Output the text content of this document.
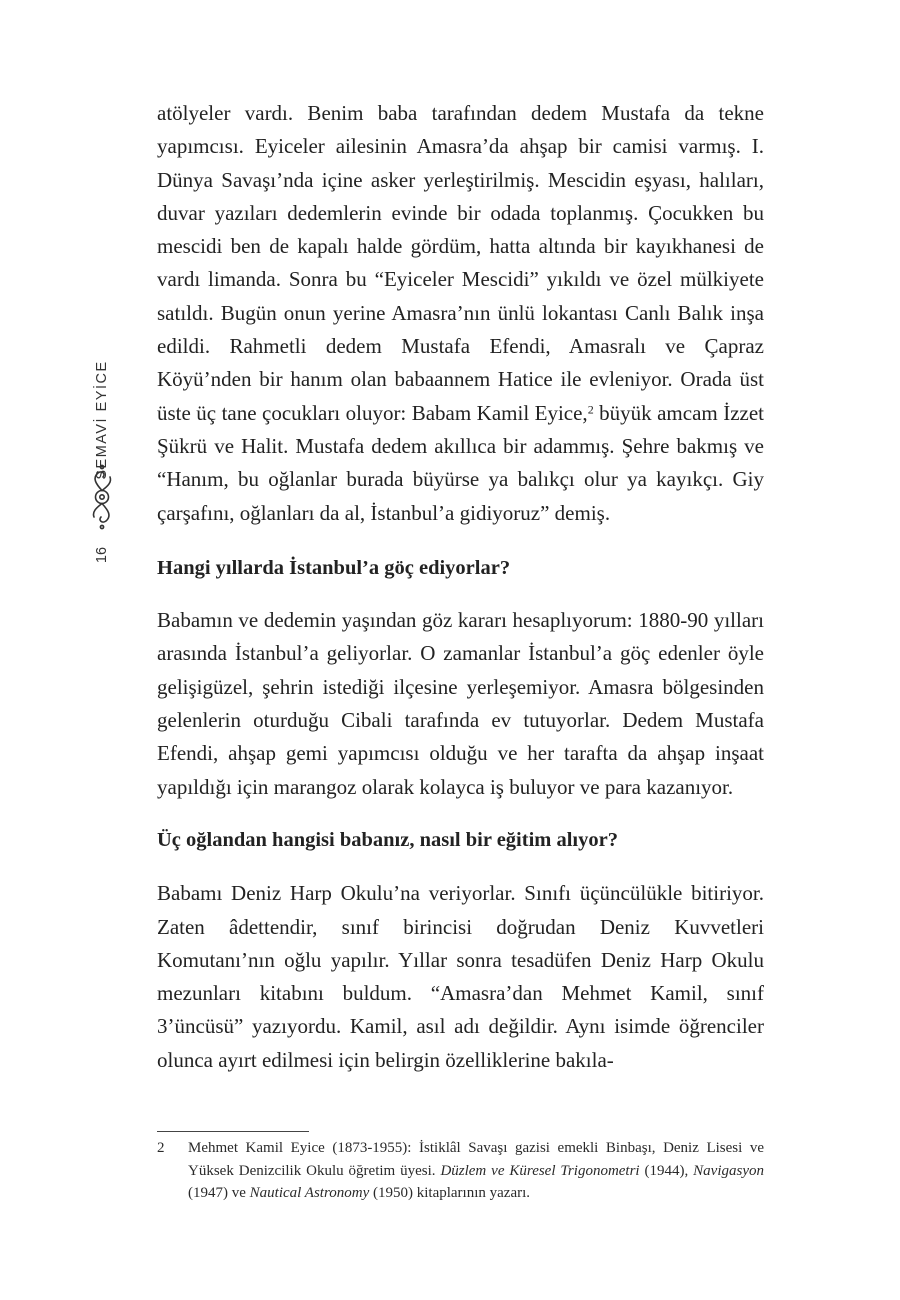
SEMAVİ EYİCE
16

atölyeler vardı. Benim baba tarafından dedem Mustafa da tekne yapımcısı. Eyiceler ailesinin Amasra’da ahşap bir camisi varmış. I. Dünya Savaşı’nda içine asker yerleştirilmiş. Mescidin eşyası, halıları, duvar yazıları dedemlerin evinde bir odada toplanmış. Çocukken bu mescidi ben de kapalı halde gördüm, hatta altında bir kayıkhanesi de vardı limanda. Sonra bu “Eyiceler Mescidi” yıkıldı ve özel mülkiyete satıldı. Bugün onun yerine Amasra’nın ünlü lokantası Canlı Balık inşa edildi. Rahmetli dedem Mustafa Efendi, Amasralı ve Çapraz Köyü’nden bir hanım olan babaannem Hatice ile evleniyor. Orada üst üste üç tane çocukları oluyor: Babam Kamil Eyice,$^2$ büyük amcam İzzet Şükrü ve Halit. Mustafa dedem akıllıca bir adammış. Şehre bakmış ve “Hanım, bu oğlanlar burada büyürse ya balıkçı olur ya kayıkçı. Giy çarşafını, oğlanları da al, İstanbul’a gidiyoruz” demiş.

Hangi yıllarda İstanbul’a göç ediyorlar?

Babamın ve dedemin yaşından göz kararı hesaplıyorum: 1880-90 yılları arasında İstanbul’a geliyorlar. O zamanlar İstanbul’a göç edenler öyle gelişigüzel, şehrin istediği ilçesine yerleşemiyor. Amasra bölgesinden gelenlerin oturduğu Cibali tarafında ev tutuyorlar. Dedem Mustafa Efendi, ahşap gemi yapımcısı olduğu ve her tarafta da ahşap inşaat yapıldığı için marangoz olarak kolayca iş buluyor ve para kazanıyor.

Üç oğlandan hangisi babanız, nasıl bir eğitim alıyor?

Babamı Deniz Harp Okulu’na veriyorlar. Sınıfı üçüncülükle bitiriyor. Zaten âdettendir, sınıf birincisi doğrudan Deniz Kuvvetleri Komutanı’nın oğlu yapılır. Yıllar sonra tesadüfen Deniz Harp Okulu mezunları kitabını buldum. “Amasra’dan Mehmet Kamil, sınıf 3’üncüsü” yazıyordu. Kamil, asıl adı değildir. Aynı isimde öğrenciler olunca ayırt edilmesi için belirgin özelliklerine bakıla-

2 Mehmet Kamil Eyice (1873-1955): İstiklâl Savaşı gazisi emekli Binbaşı, Deniz Lisesi ve Yüksek Denizcilik Okulu öğretim üyesi. Düzlem ve Küresel Trigonometri (1944), Navigasyon (1947) ve Nautical Astronomy (1950) kitaplarının yazarı.
